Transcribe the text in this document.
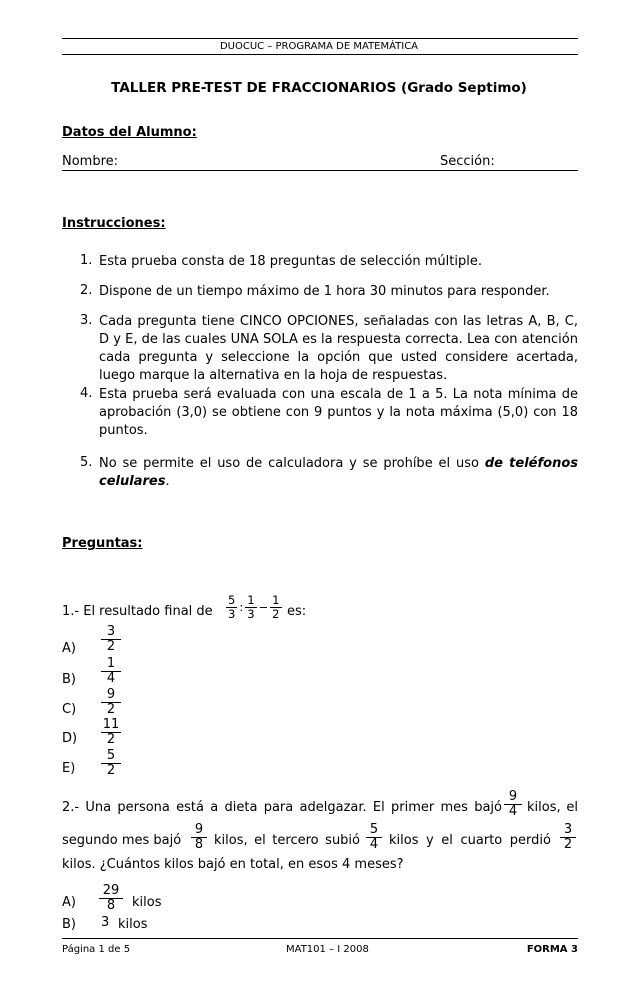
DUOCUC – PROGRAMA DE MATEMÁTICA
TALLER PRE-TEST DE FRACCIONARIOS (Grado Septimo)
Datos del Alumno:
Nombre:	Sección:
Instrucciones:
1. Esta prueba consta de 18 preguntas de selección múltiple.
2. Dispone de un tiempo máximo de 1 hora 30 minutos para responder.
3. Cada pregunta tiene CINCO OPCIONES, señaladas con las letras A, B, C, D y E, de las cuales UNA SOLA es la respuesta correcta. Lea con atención cada pregunta y seleccione la opción que usted considere acertada, luego marque la alternativa en la hoja de respuestas.
4. Esta prueba será evaluada con una escala de 1 a 5. La nota mínima de aprobación (3,0) se obtiene con 9 puntos y la nota máxima (5,0) con 18 puntos.
5. No se permite el uso de calculadora y se prohíbe el uso de teléfonos celulares.
Preguntas:
1.- El resultado final de $\frac{5}{3}$ : $\frac{1}{3} - \frac{1}{2}$ es:
$A) \frac{3}{2}$
$B) \frac{1}{4}$
$C) \frac{9}{2}$
$D) \frac{11}{2}$
$E) \frac{5}{2}$
2.- Una persona está a dieta para adelgazar. El primer mes bajó $\frac{9}{4}$ kilos, el
segundo mes bajó $\frac{9}{8}$ kilos, el tercero subió $\frac{5}{4}$ kilos y el cuarto perdió $\frac{3}{2}$
kilos. ¿Cuántos kilos bajó en total, en esos 4 meses?
$A) \frac{29}{8}$ kilos
B) 3 kilos
Página 1 de 5	MAT101 – I 2008	FORMA 3
